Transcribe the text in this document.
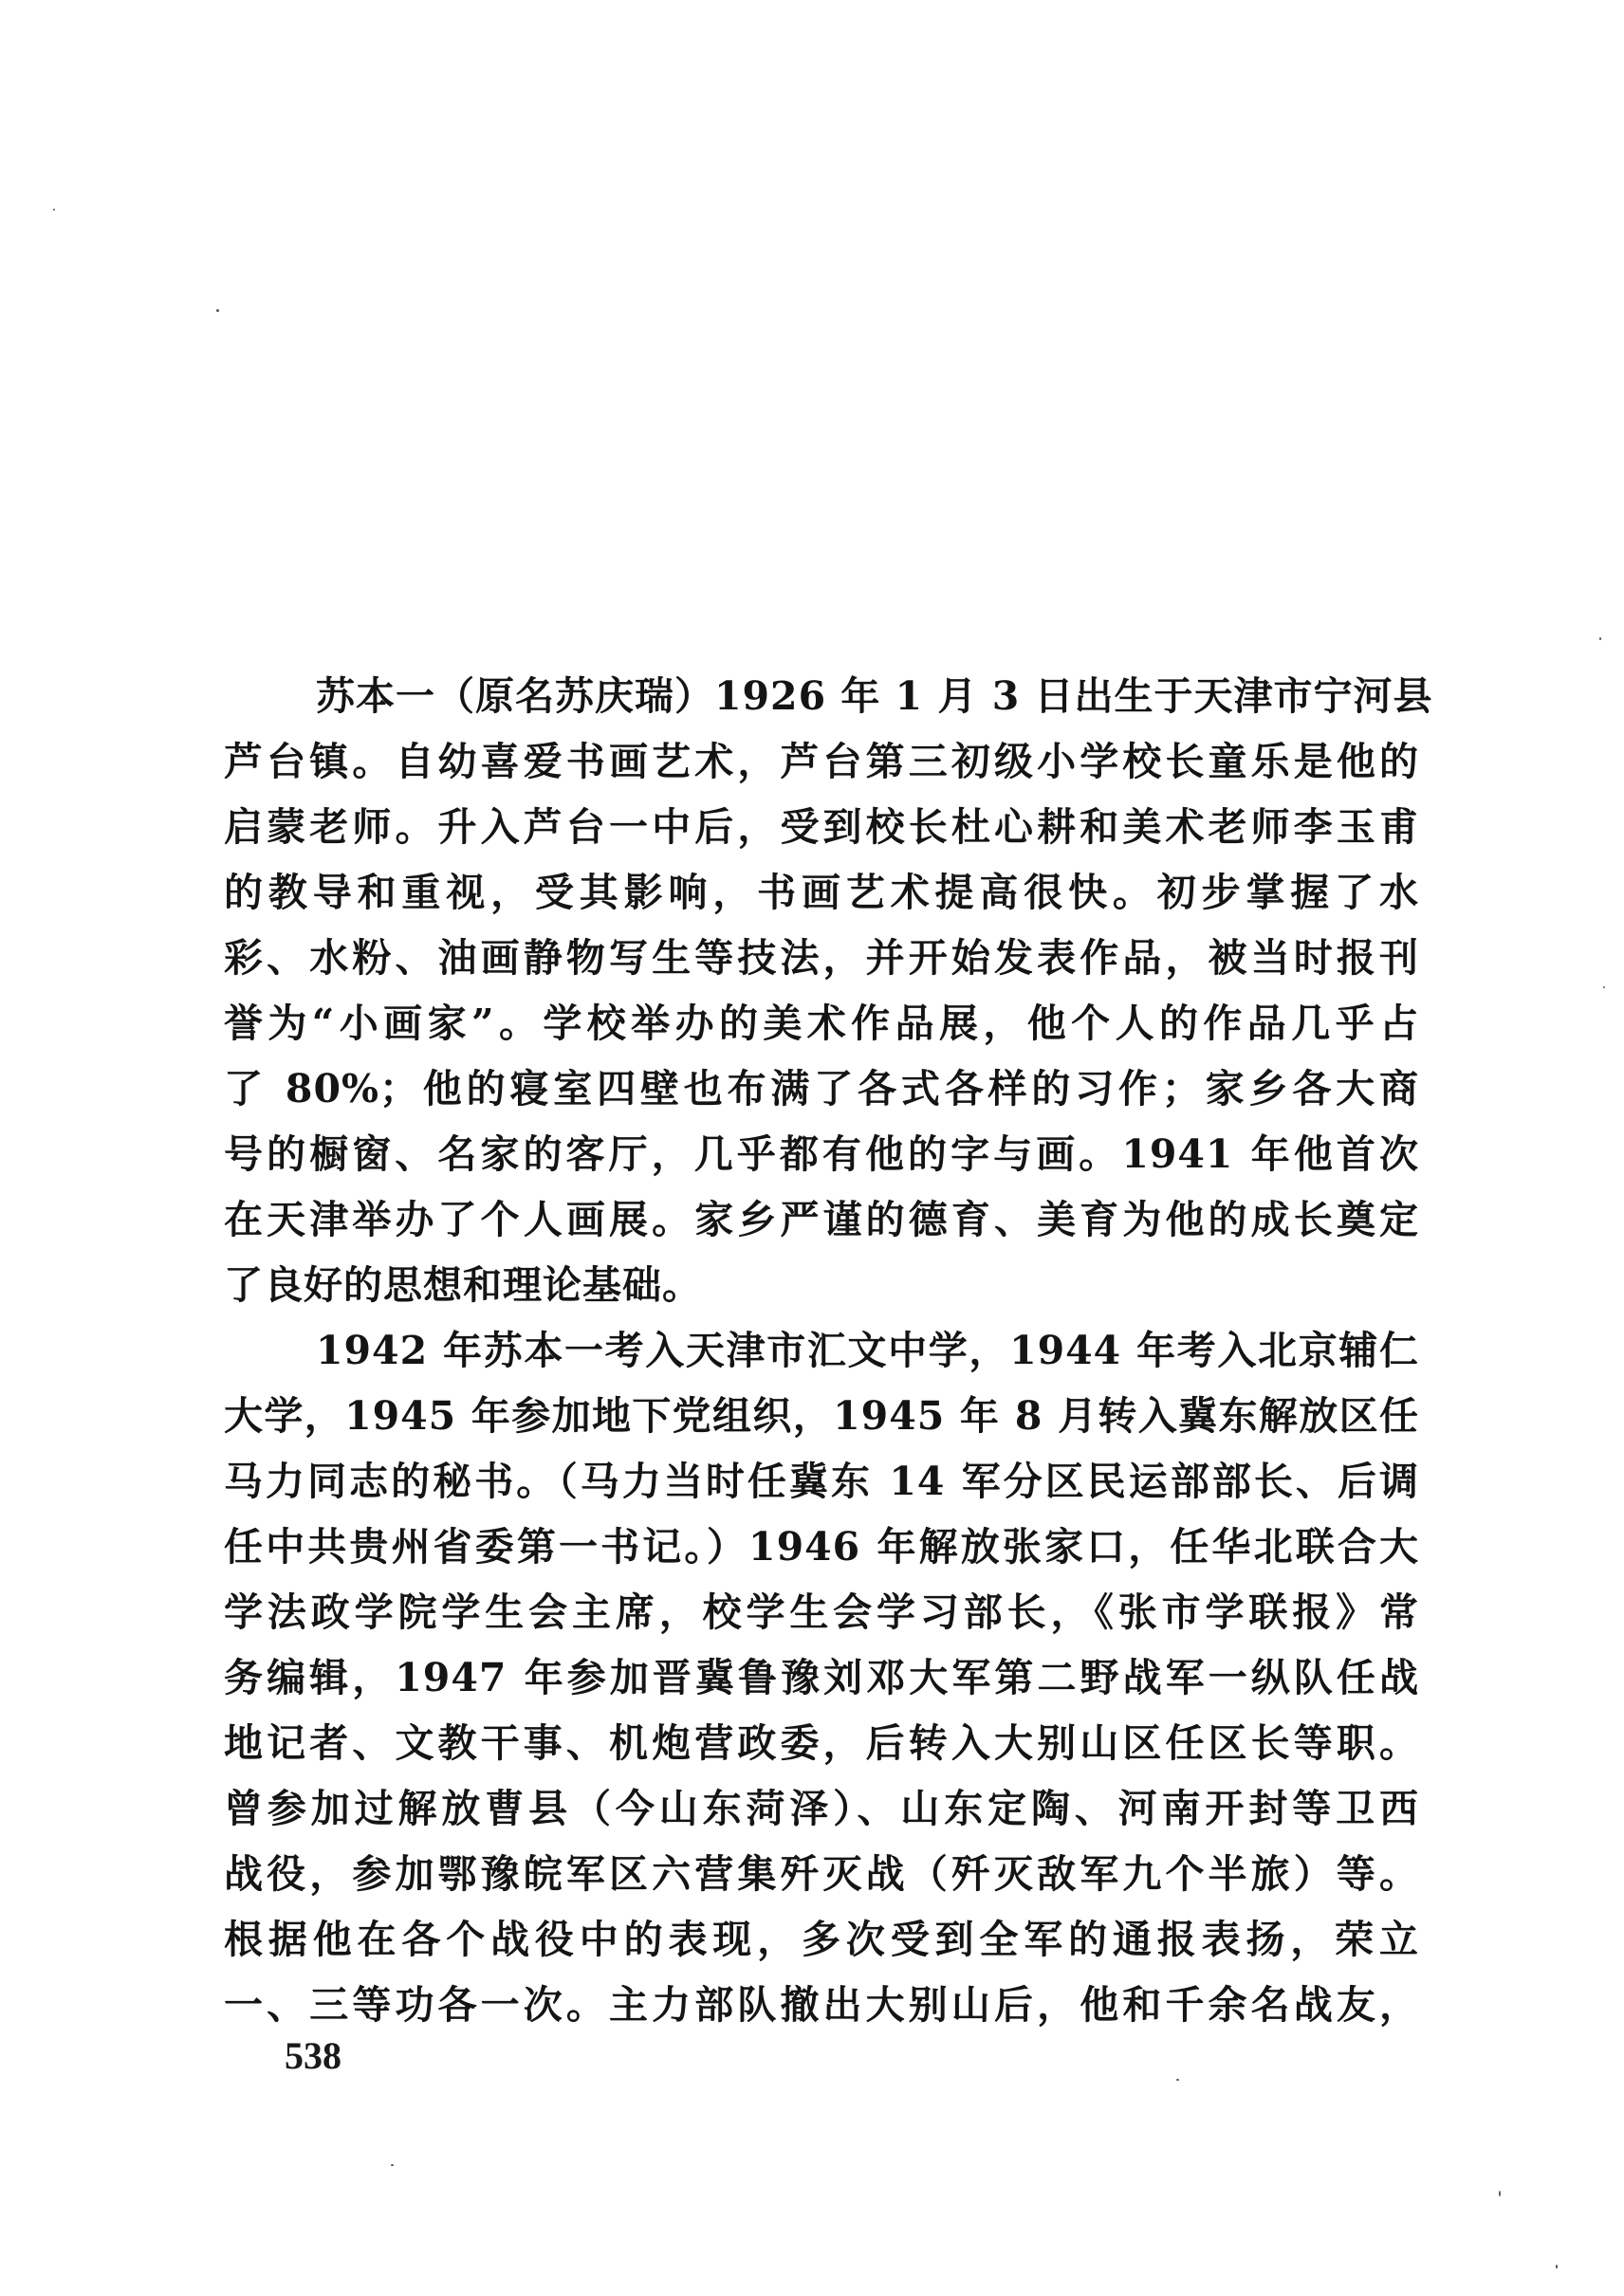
苏本一（原名苏庆瑞）1926 年 1 月 3 日出生于天津市宁河县
芦台镇。自幼喜爱书画艺术，芦台第三初级小学校长童乐是他的
启蒙老师。升入芦台一中后，受到校长杜心耕和美术老师李玉甫
的教导和重视，受其影响，书画艺术提高很快。初步掌握了水
彩、水粉、油画静物写生等技法，并开始发表作品，被当时报刊
誉为“小画家”。学校举办的美术作品展，他个人的作品几乎占
了 80%；他的寝室四壁也布满了各式各样的习作；家乡各大商
号的橱窗、名家的客厅，几乎都有他的字与画。1941 年他首次
在天津举办了个人画展。家乡严谨的德育、美育为他的成长奠定
了良好的思想和理论基础。
1942 年苏本一考入天津市汇文中学，1944 年考入北京辅仁
大学，1945 年参加地下党组织，1945 年 8 月转入冀东解放区任
马力同志的秘书。（马力当时任冀东 14 军分区民运部部长、后调
任中共贵州省委第一书记。）1946 年解放张家口，任华北联合大
学法政学院学生会主席，校学生会学习部长，《张市学联报》常
务编辑，1947 年参加晋冀鲁豫刘邓大军第二野战军一纵队任战
地记者、文教干事、机炮营政委，后转入大别山区任区长等职。
曾参加过解放曹县（今山东菏泽）、山东定陶、河南开封等卫西
战役，参加鄂豫皖军区六营集歼灭战（歼灭敌军九个半旅）等。
根据他在各个战役中的表现，多次受到全军的通报表扬，荣立
一、三等功各一次。主力部队撤出大别山后，他和千余名战友，
538
